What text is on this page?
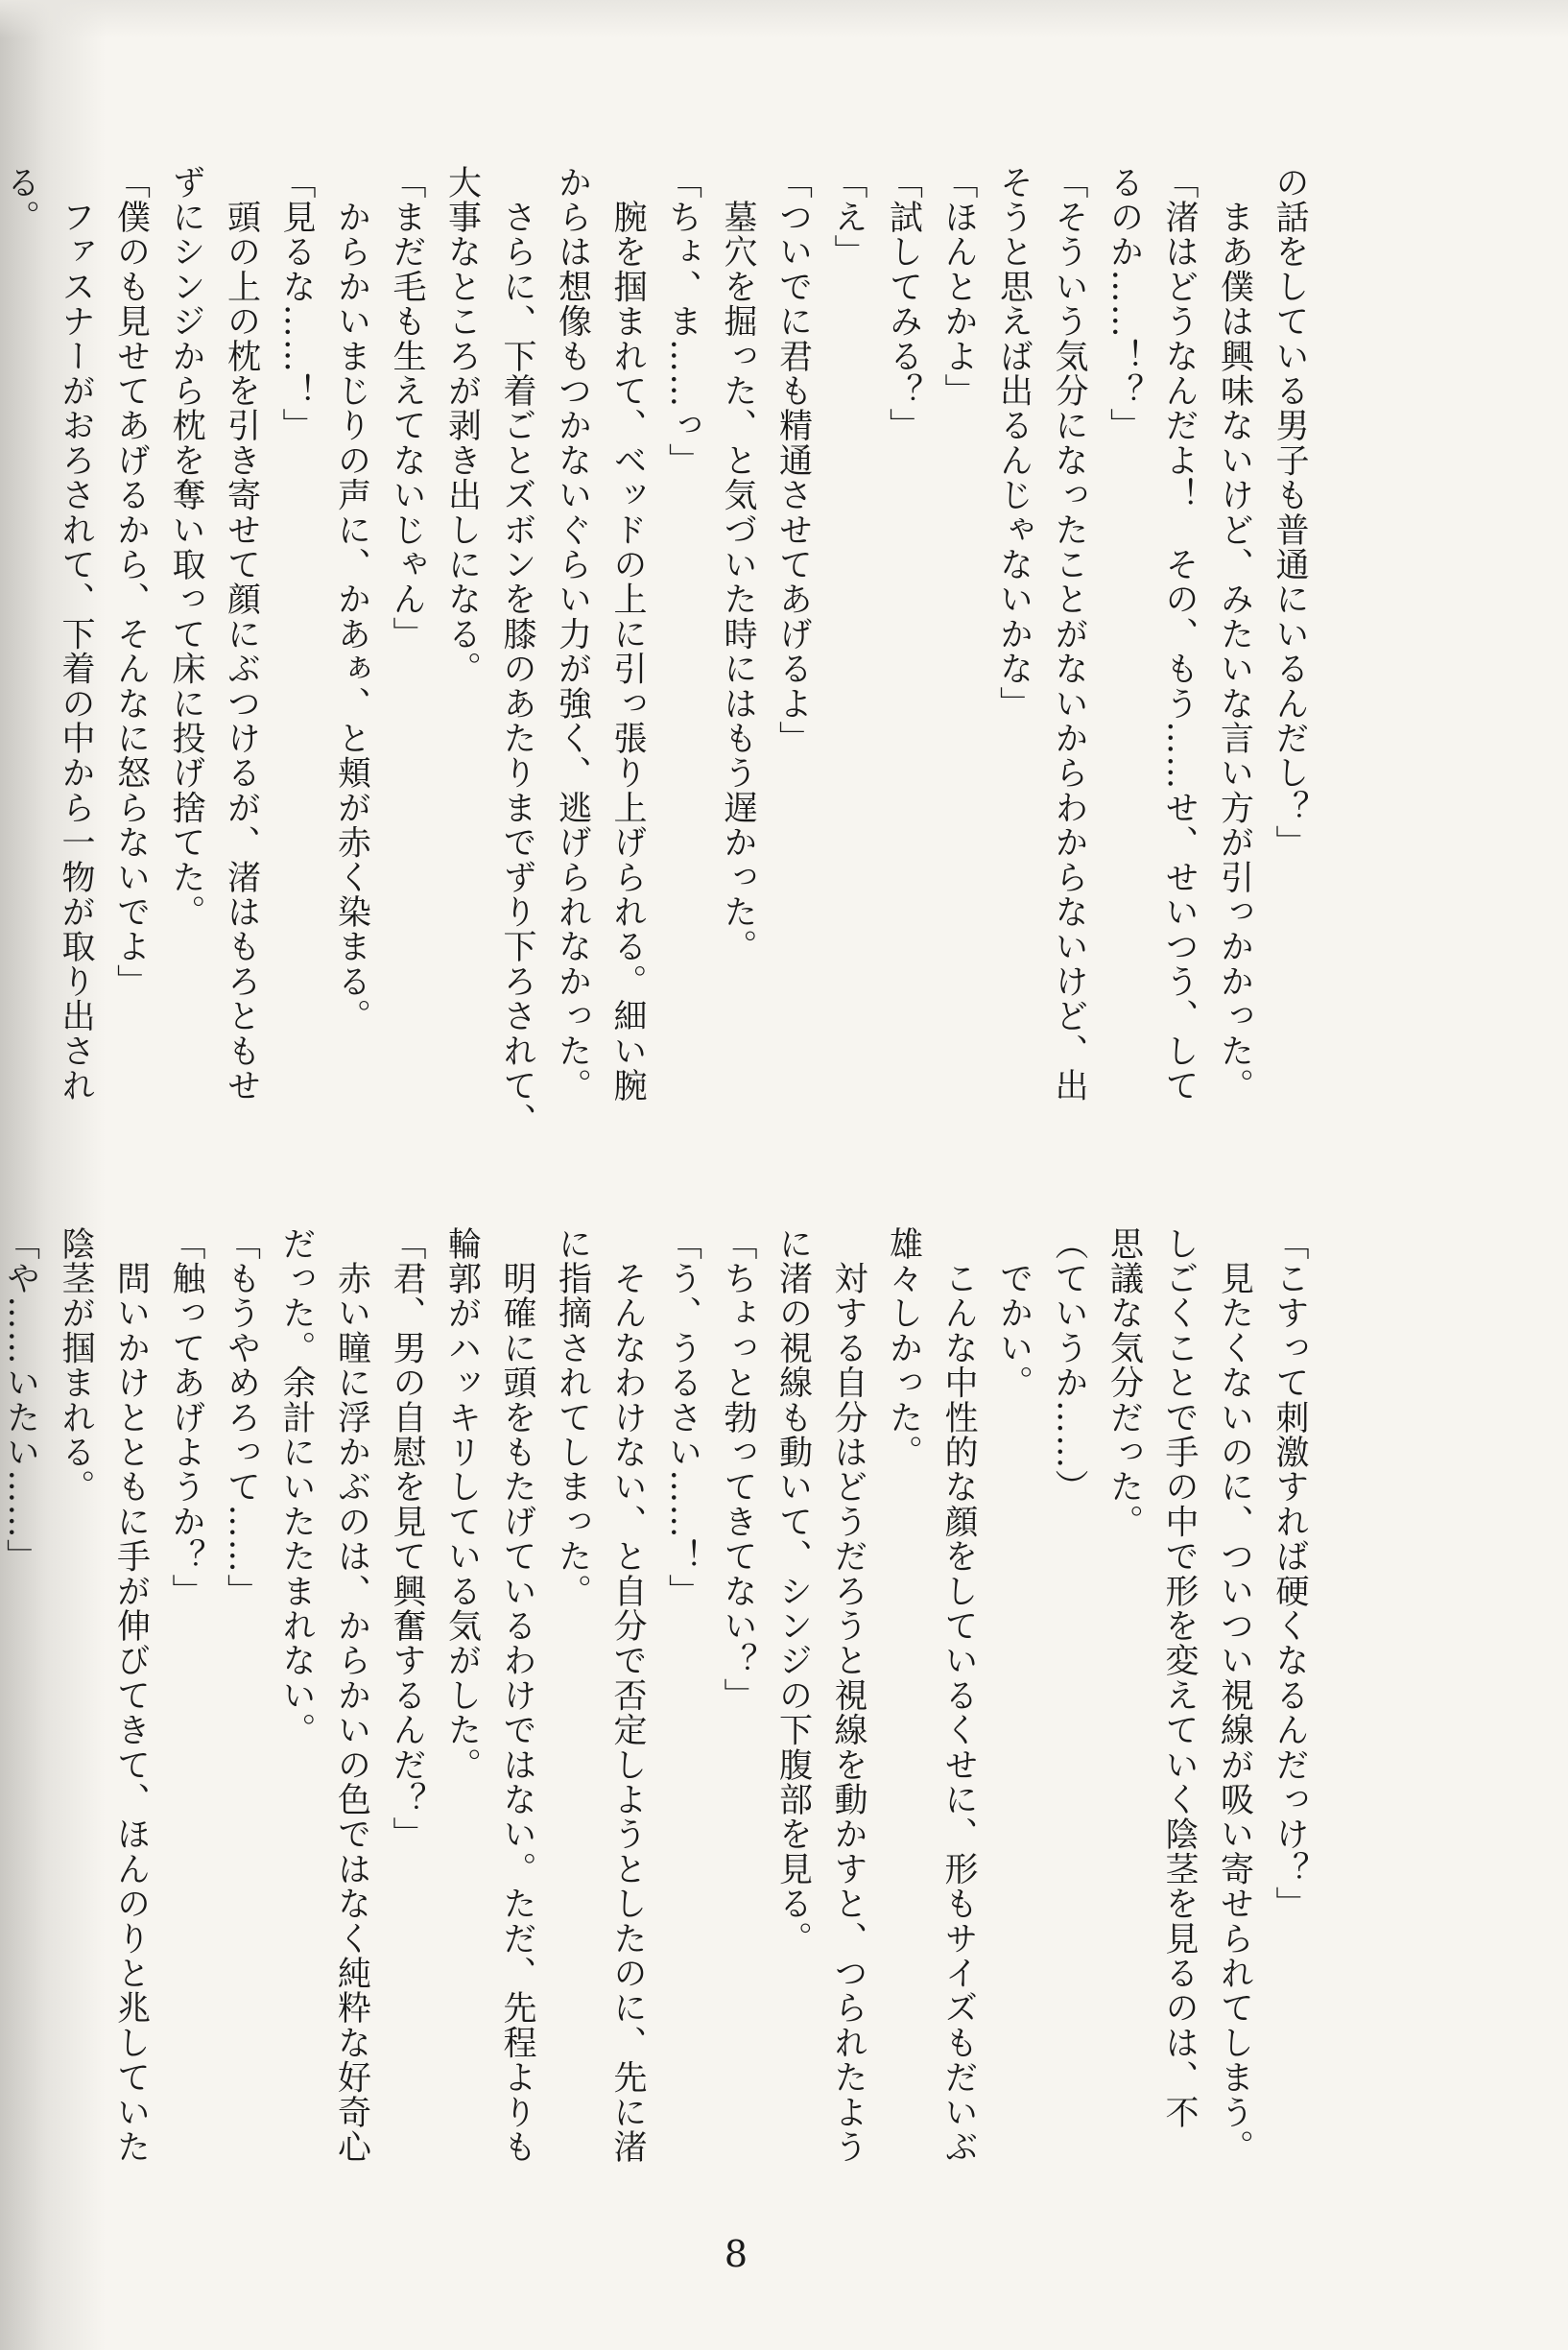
の話をしている男子も普通にいるんだし？」
　まあ僕は興味ないけど、みたいな言い方が引っかかった。
「渚はどうなんだよ！　その、もう……せ、せいつう、して
るのか……！？」
「そういう気分になったことがないからわからないけど、出
そうと思えば出るんじゃないかな」
「ほんとかよ」
「試してみる？」
「え」
「ついでに君も精通させてあげるよ」
　墓穴を掘った、と気づいた時にはもう遅かった。
「ちょ、ま……っ」
　腕を掴まれて、ベッドの上に引っ張り上げられる。細い腕
からは想像もつかないぐらい力が強く、逃げられなかった。
　さらに、下着ごとズボンを膝のあたりまでずり下ろされて、
大事なところが剥き出しになる。
「まだ毛も生えてないじゃん」
　からかいまじりの声に、かあぁ、と頬が赤く染まる。
「見るな……！」
　頭の上の枕を引き寄せて顔にぶつけるが、渚はもろともせ
ずにシンジから枕を奪い取って床に投げ捨てた。
「僕のも見せてあげるから、そんなに怒らないでよ」
　ファスナーがおろされて、下着の中から一物が取り出され
る。
「こすって刺激すれば硬くなるんだっけ？」
　見たくないのに、ついつい視線が吸い寄せられてしまう。
しごくことで手の中で形を変えていく陰茎を見るのは、不
思議な気分だった。
（ていうか……）
　でかい。
　こんな中性的な顔をしているくせに、形もサイズもだいぶ
雄々しかった。
　対する自分はどうだろうと視線を動かすと、つられたよう
に渚の視線も動いて、シンジの下腹部を見る。
「ちょっと勃ってきてない？」
「う、うるさい……！」
　そんなわけない、と自分で否定しようとしたのに、先に渚
に指摘されてしまった。
　明確に頭をもたげているわけではない。ただ、先程よりも
輪郭がハッキリしている気がした。
「君、男の自慰を見て興奮するんだ？」
　赤い瞳に浮かぶのは、からかいの色ではなく純粋な好奇心
だった。余計にいたたまれない。
「もうやめろって……」
「触ってあげようか？」
　問いかけとともに手が伸びてきて、ほんのりと兆していた
陰茎が掴まれる。
「や……いたい……」
8
